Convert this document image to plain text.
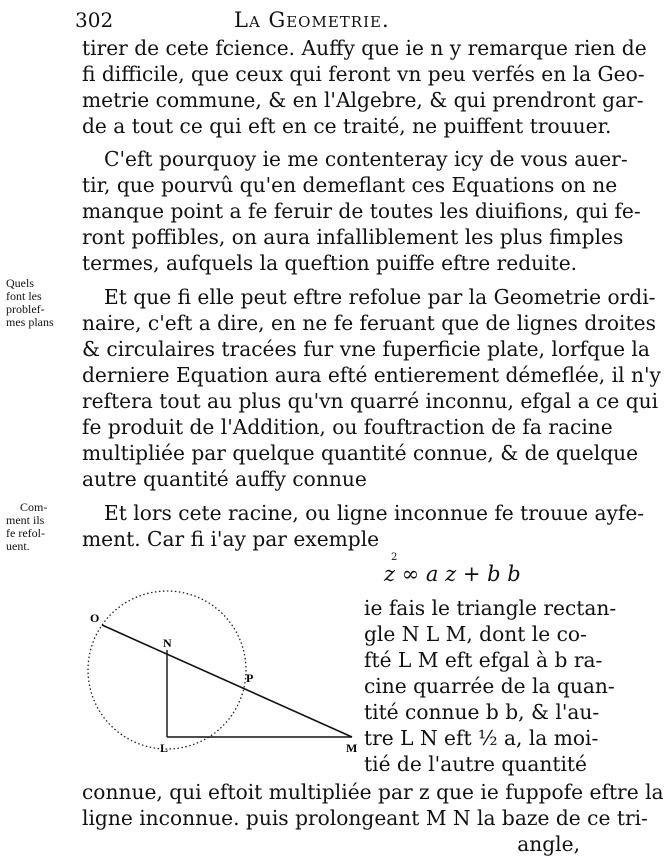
302	La Geometrie.
tirer de cete fcience. Auffy que ie n y remarque rien de
fi difficile, que ceux qui feront vn peu verfés en la Geo-
metrie commune, & en l'Algebre, & qui prendront gar-
de a tout ce qui eft en ce traité, ne puiffent trouuer.
C'eft pourquoy ie me contenteray icy de vous auer-
tir, que pourvû qu'en demeflant ces Equations on ne
manque point a fe feruir de toutes les diuifions, qui fe-
ront poffibles, on aura infalliblement les plus fimples
termes, aufquels la queftion puiffe eftre reduite.
Quels
font les
problef-
mes plans
Et que fi elle peut eftre refolue par la Geometrie ordi-
naire, c'eft a dire, en ne fe feruant que de lignes droites
& circulaires tracées fur vne fuperficie plate, lorfque la
derniere Equation aura efté entierement démeflée, il n'y
reftera tout au plus qu'vn quarré inconnu, efgal a ce qui
fe produit de l'Addition, ou fouftraction de fa racine
multipliée par quelque quantité connue, & de quelque
autre quantité auffy connue
Com-
ment ils
fe refol-
uent.
Et lors cete racine, ou ligne inconnue fe trouue ayfe-
ment. Car fi i'ay par exemple
2
z ∞ a z + b b
O
N
P
L	M
ie fais le triangle rectan-
gle N L M, dont le co-
fté L M eft efgal à b ra-
cine quarrée de la quan-
tité connue b b, & l'au-
tre L N eft ½ a, la moi-
tié de l'autre quantité
connue, qui eftoit multipliée par z que ie fuppofe eftre la
ligne inconnue. puis prolongeant M N la baze de ce tri-
angle,
